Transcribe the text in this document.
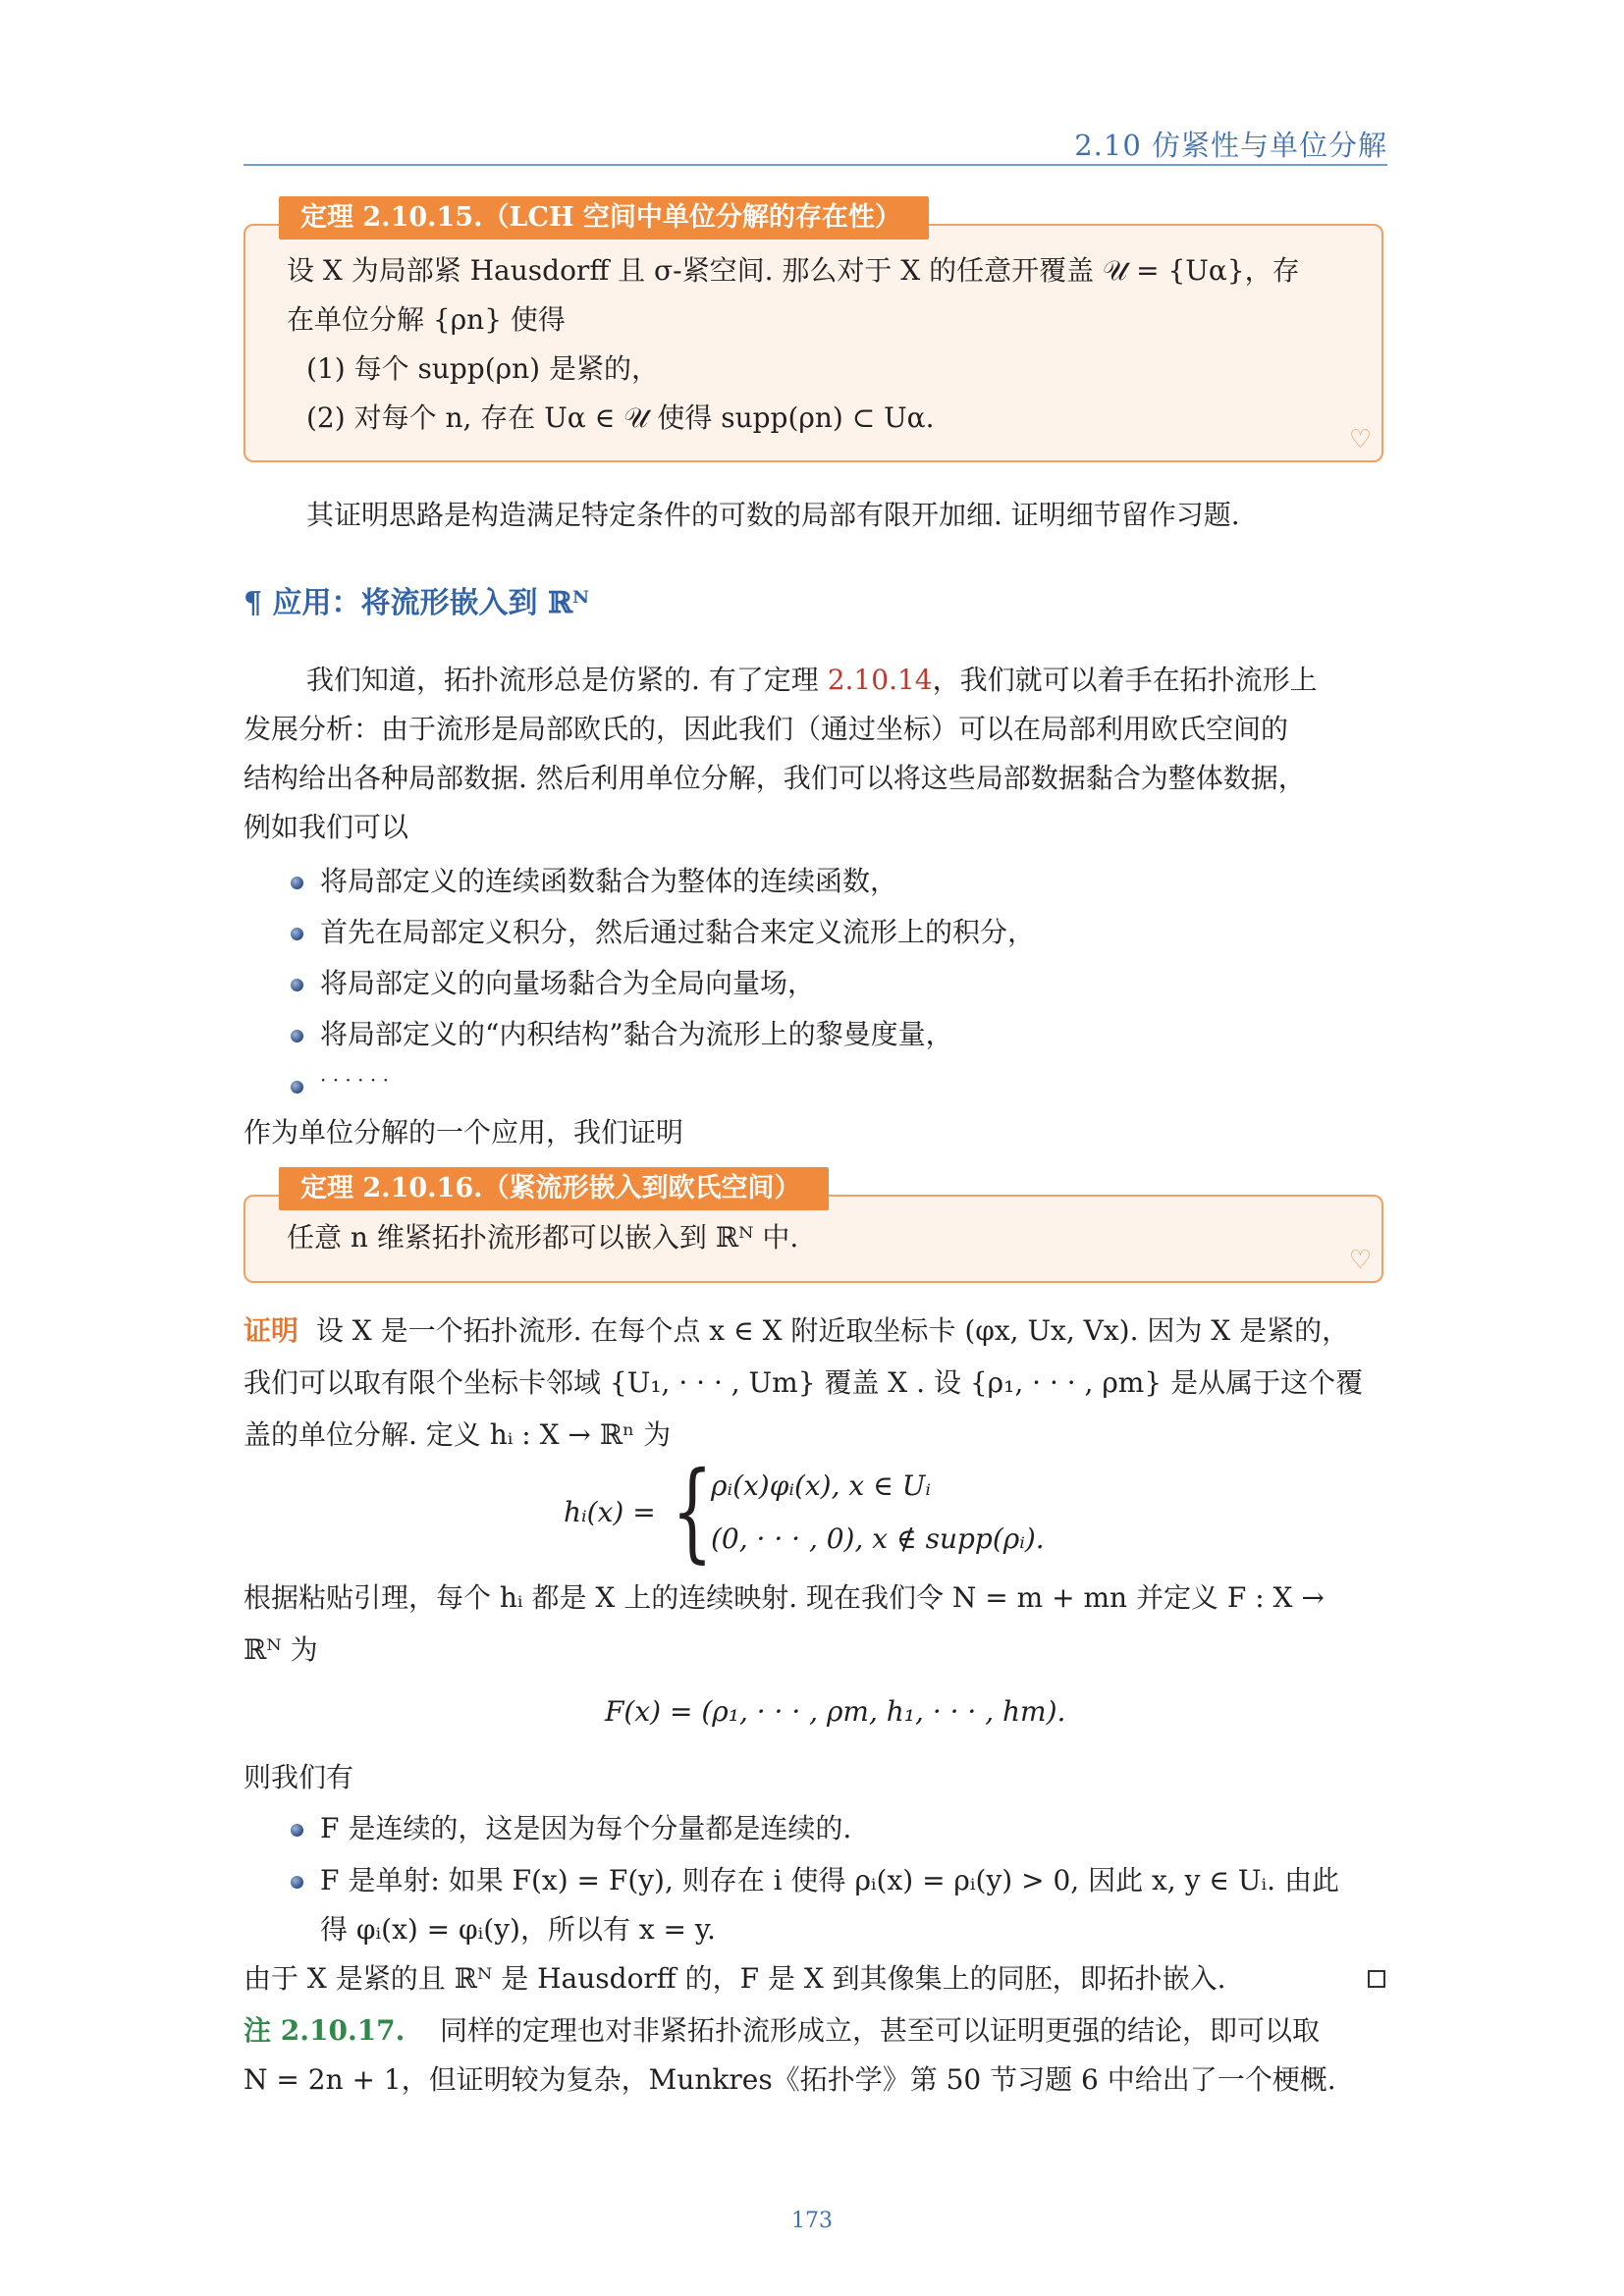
2.10 仿紧性与单位分解
定理 2.10.15.（LCH 空间中单位分解的存在性）
设 X 为局部紧 Hausdorff 且 σ-紧空间. 那么对于 X 的任意开覆盖 𝒰 = {Uα}，存
在单位分解 {ρn} 使得
(1) 每个 supp(ρn) 是紧的，
(2) 对每个 n, 存在 Uα ∈ 𝒰 使得 supp(ρn) ⊂ Uα.
♡
其证明思路是构造满足特定条件的可数的局部有限开加细. 证明细节留作习题.
¶ 应用：将流形嵌入到 ℝᴺ
我们知道，拓扑流形总是仿紧的. 有了定理 2.10.14，我们就可以着手在拓扑流形上
发展分析：由于流形是局部欧氏的，因此我们（通过坐标）可以在局部利用欧氏空间的
结构给出各种局部数据. 然后利用单位分解，我们可以将这些局部数据黏合为整体数据，
例如我们可以
将局部定义的连续函数黏合为整体的连续函数，
首先在局部定义积分，然后通过黏合来定义流形上的积分，
将局部定义的向量场黏合为全局向量场，
将局部定义的“内积结构”黏合为流形上的黎曼度量，
· · · · · ·
作为单位分解的一个应用，我们证明
定理 2.10.16.（紧流形嵌入到欧氏空间）
任意 n 维紧拓扑流形都可以嵌入到 ℝᴺ 中.
♡
证明 设 X 是一个拓扑流形. 在每个点 x ∈ X 附近取坐标卡 (φx, Ux, Vx). 因为 X 是紧的，
我们可以取有限个坐标卡邻域 {U₁, · · · , Um} 覆盖 X . 设 {ρ₁, · · · , ρm} 是从属于这个覆
盖的单位分解. 定义 hᵢ : X → ℝⁿ 为
hᵢ(x) = {
ρᵢ(x)φᵢ(x), x ∈ Uᵢ
(0, · · · , 0), x ∉ supp(ρᵢ).
根据粘贴引理，每个 hᵢ 都是 X 上的连续映射. 现在我们令 N = m + mn 并定义 F : X →
ℝᴺ 为
F(x) = (ρ₁, · · · , ρm, h₁, · · · , hm).
则我们有
F 是连续的，这是因为每个分量都是连续的.
F 是单射: 如果 F(x) = F(y), 则存在 i 使得 ρᵢ(x) = ρᵢ(y) > 0, 因此 x, y ∈ Uᵢ. 由此
得 φᵢ(x) = φᵢ(y)，所以有 x = y.
由于 X 是紧的且 ℝᴺ 是 Hausdorff 的，F 是 X 到其像集上的同胚，即拓扑嵌入.
注 2.10.17. 同样的定理也对非紧拓扑流形成立，甚至可以证明更强的结论，即可以取
N = 2n + 1，但证明较为复杂，Munkres《拓扑学》第 50 节习题 6 中给出了一个梗概.
173
